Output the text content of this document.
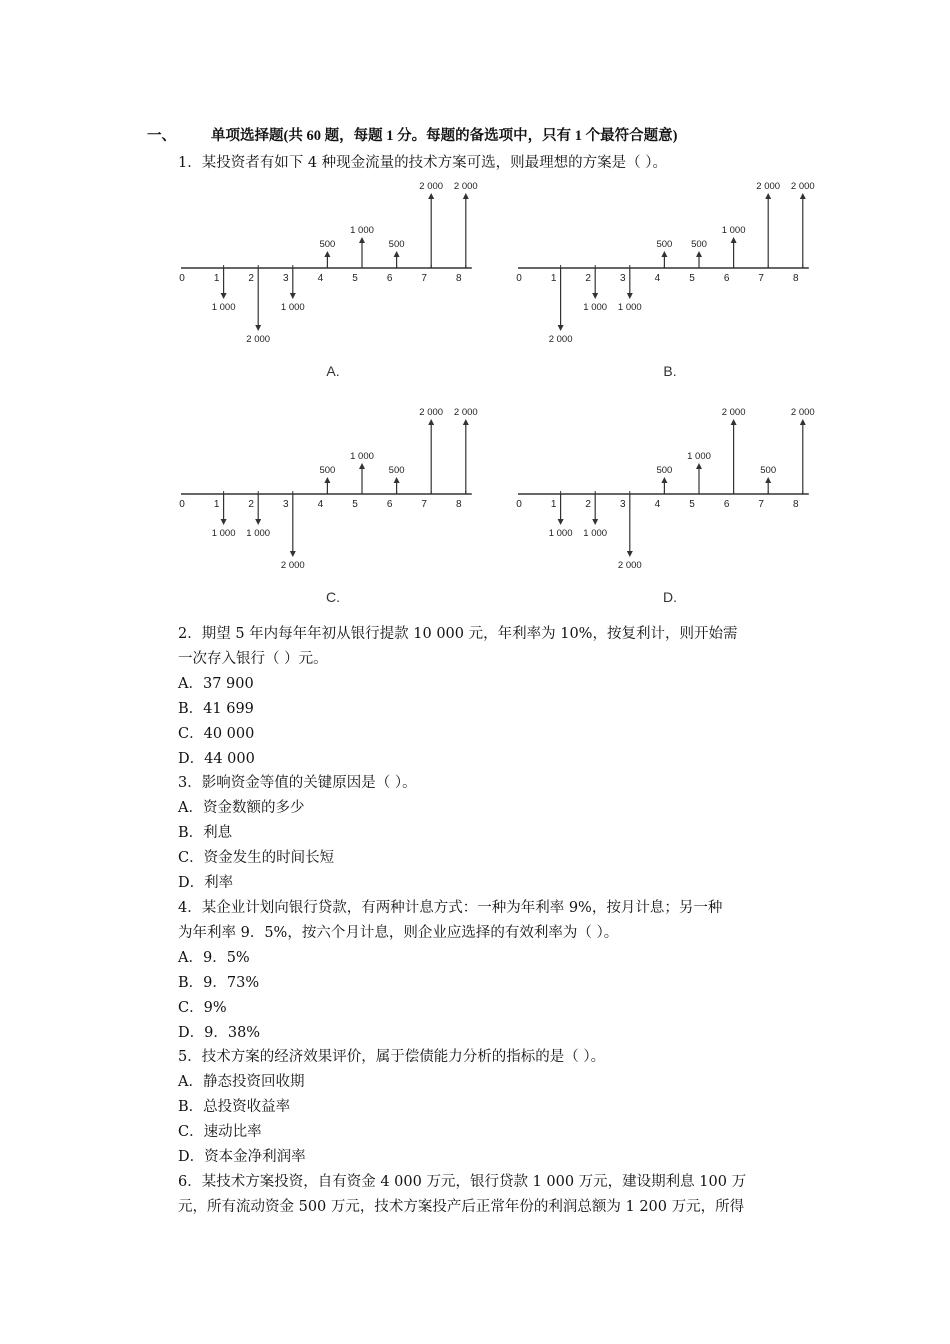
一、 单项选择题(共 60 题，每题 1 分。每题的备选项中，只有 1 个最符合题意)
1．某投资者有如下 4 种现金流量的技术方案可选，则最理想的方案是（ ）。
0	1	2	3	4	5	6	7	8
1 000
2 000
1 000
500
1 000
500
2 000 2 000
A.
0	1	2	3	4	5	6	7	8
2 000
1 000 1 000
500 500
1 000
2 000 2 000
B.
0	1	2	3	4	5	6	7	8
1 000 1 000
2 000
500
1 000
500
2 000 2 000
C.
0	1	2	3	4	5	6	7	8
1 000 1 000
2 000
500
1 000
2 000
500
2 000
D.

2．期望 5 年内每年年初从银行提款 10 000 元，年利率为 10%，按复利计，则开始需

一次存入银行（ ）元。

A．37 900

B．41 699

C．40 000

D．44 000

3．影响资金等值的关键原因是（ ）。

A．资金数额的多少

B．利息

C．资金发生的时间长短

D．利率

4．某企业计划向银行贷款，有两种计息方式：一种为年利率 9%，按月计息；另一种

为年利率 9．5%，按六个月计息，则企业应选择的有效利率为（ ）。

A．9．5%

B．9．73%

C．9%

D．9．38%

5．技术方案的经济效果评价，属于偿债能力分析的指标的是（ ）。

A．静态投资回收期

B．总投资收益率

C．速动比率

D．资本金净利润率

6．某技术方案投资，自有资金 4 000 万元，银行贷款 1 000 万元，建设期利息 100 万

元，所有流动资金 500 万元，技术方案投产后正常年份的利润总额为 1 200 万元，所得
